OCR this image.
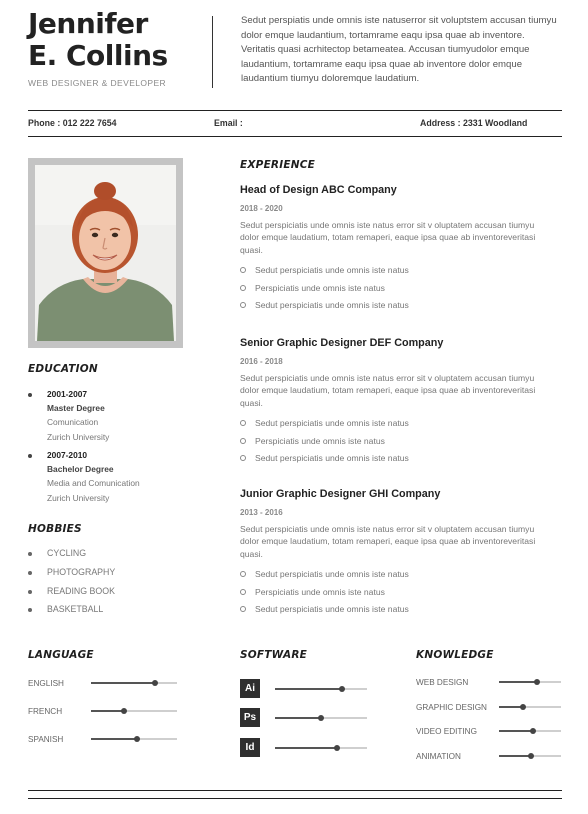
Jennifer
E. Collins
WEB DESIGNER & DEVELOPER
Sedut perspiatis unde omnis iste natuserror sit voluptstem accusan tiumyu dolor emque laudantium, tortamrame eaqu ipsa quae ab inventore. Veritatis quasi acrhitectop betameatea. Accusan tiumyudolor emque laudantium, tortamrame eaqu ipsa quae ab inventore dolor emque laudantium tiumyu doloremque laudatium.
Phone : 012 222 7654	Email :	Address : 2331 Woodland
EDUCATION
2001-2007
Master Degree
Comunication
Zurich University
2007-2010
Bachelor Degree
Media and Comunication
Zurich University
HOBBIES
CYCLING
PHOTOGRAPHY
READING BOOK
BASKETBALL
EXPERIENCE
Head of Design ABC Company
2018 - 2020
Sedut perspiciatis unde omnis iste natus error sit v oluptatem accusan tiumyu dolor emque laudatium, totam remaperi, eaque ipsa quae ab inventoreveritasi quasi.
Sedut perspiciatis unde omnis iste natus
Perspiciatis unde omnis iste natus
Sedut perspiciatis unde omnis iste natus
Senior Graphic Designer DEF Company
2016 - 2018
Sedut perspiciatis unde omnis iste natus error sit v oluptatem accusan tiumyu dolor emque laudatium, totam remaperi, eaque ipsa quae ab inventoreveritasi quasi.
Sedut perspiciatis unde omnis iste natus
Perspiciatis unde omnis iste natus
Sedut perspiciatis unde omnis iste natus
Junior Graphic Designer GHI Company
2013 - 2016
Sedut perspiciatis unde omnis iste natus error sit v oluptatem accusan tiumyu dolor emque laudatium, totam remaperi, eaque ipsa quae ab inventoreveritasi quasi.
Sedut perspiciatis unde omnis iste natus
Perspiciatis unde omnis iste natus
Sedut perspiciatis unde omnis iste natus
LANGUAGE
ENGLISH
FRENCH
SPANISH
SOFTWARE
Ai
Ps
Id
KNOWLEDGE
WEB DESIGN
GRAPHIC DESIGN
VIDEO EDITING
ANIMATION
